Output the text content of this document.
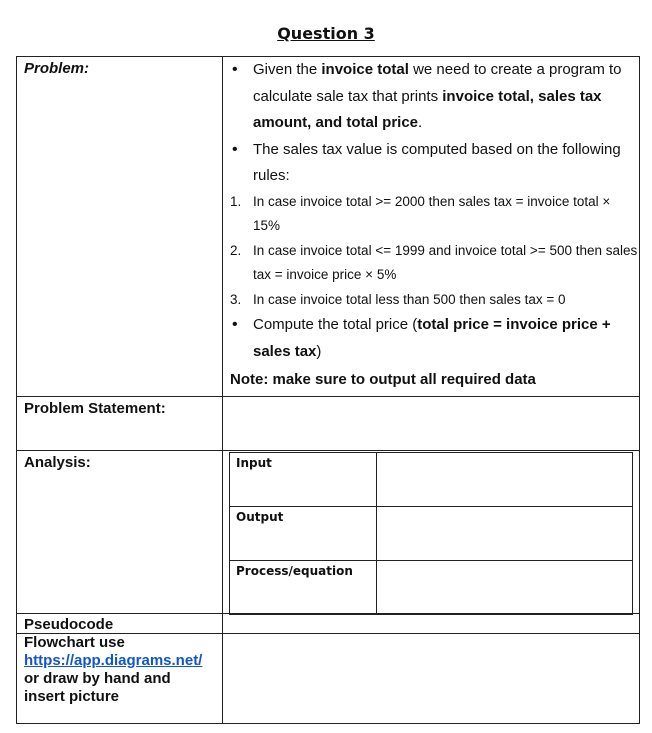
Question 3
Problem:
Problem Statement:
Analysis:
Pseudocode
• Given the invoice total we need to create a program to calculate sale tax that prints invoice total, sales tax amount, and total price.
• The sales tax value is computed based on the following rules:
1. In case invoice total >= 2000 then sales tax = invoice total × 15%
2. In case invoice total <= 1999 and invoice total >= 500 then sales tax = invoice price × 5%
3. In case invoice total less than 500 then sales tax = 0
• Compute the total price (total price = invoice price + sales tax)
Note: make sure to output all required data
Input
Output
Process/equation
Flowchart use
https://app.diagrams.net/
or draw by hand and
insert picture
